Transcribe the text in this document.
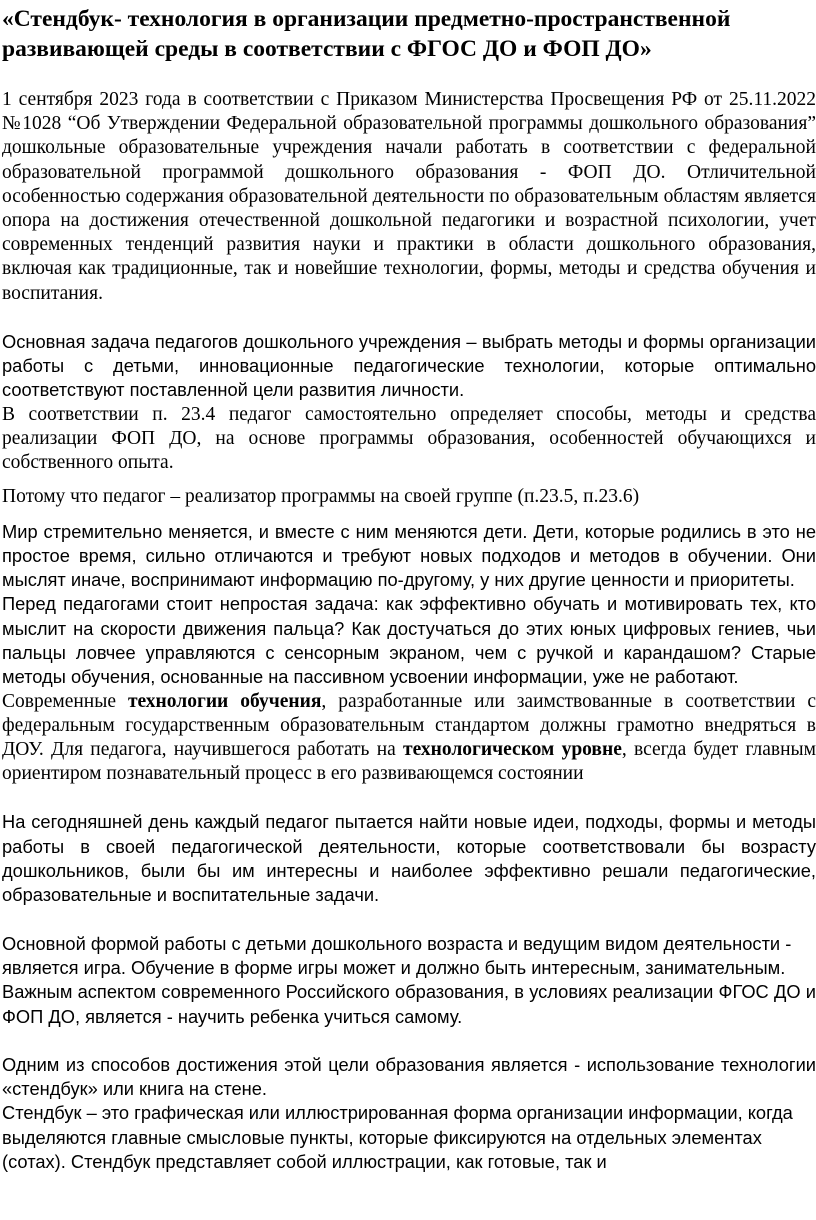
«Стендбук- технология в организации предметно-пространственной развивающей среды в соответствии с ФГОС ДО и ФОП ДО»

1 сентября 2023 года в соответствии с Приказом Министерства Просвещения РФ от 25.11.2022 №1028 “Об Утверждении Федеральной образовательной программы дошкольного образования” дошкольные образовательные учреждения начали работать в соответствии с федеральной образовательной программой дошкольного образования - ФОП ДО. Отличительной особенностью содержания образовательной деятельности по образовательным областям является опора на достижения отечественной дошкольной педагогики и возрастной психологии, учет современных тенденций развития науки и практики в области дошкольного образования, включая как традиционные, так и новейшие технологии, формы, методы и средства обучения и воспитания.

Основная задача педагогов дошкольного учреждения – выбрать методы и формы организации работы с детьми, инновационные педагогические технологии, которые оптимально соответствуют поставленной цели развития личности.

В соответствии п. 23.4 педагог самостоятельно определяет способы, методы и средства реализации ФОП ДО, на основе программы образования, особенностей обучающихся и собственного опыта.

Потому что педагог – реализатор программы на своей группе (п.23.5, п.23.6)

Мир стремительно меняется, и вместе с ним меняются дети. Дети, которые родились в это не простое время, сильно отличаются и требуют новых подходов и методов в обучении. Они мыслят иначе, воспринимают информацию по-другому, у них другие ценности и приоритеты.

Перед педагогами стоит непростая задача: как эффективно обучать и мотивировать тех, кто мыслит на скорости движения пальца? Как достучаться до этих юных цифровых гениев, чьи пальцы ловчее управляются с сенсорным экраном, чем с ручкой и карандашом? Старые методы обучения, основанные на пассивном усвоении информации, уже не работают.

Современные технологии обучения, разработанные или заимствованные в соответствии с федеральным государственным образовательным стандартом должны грамотно внедряться в ДОУ. Для педагога, научившегося работать на технологическом уровне, всегда будет главным ориентиром познавательный процесс в его развивающемся состоянии

На сегодняшней день каждый педагог пытается найти новые идеи, подходы, формы и методы работы в своей педагогической деятельности, которые соответствовали бы возрасту дошкольников, были бы им интересны и наиболее эффективно решали педагогические, образовательные и воспитательные задачи.

Основной формой работы с детьми дошкольного возраста и ведущим видом деятельности - является игра. Обучение в форме игры может и должно быть интересным, занимательным.

Важным аспектом современного Российского образования, в условиях реализации ФГОС ДО и ФОП ДО, является - научить ребенка учиться самому.

Одним из способов достижения этой цели образования является - использование технологии «стендбук» или книга на стене.

Стендбук – это графическая или иллюстрированная форма организации информации, когда выделяются главные смысловые пункты, которые фиксируются на отдельных элементах (сотах). Стендбук представляет собой иллюстрации, как готовые, так и
